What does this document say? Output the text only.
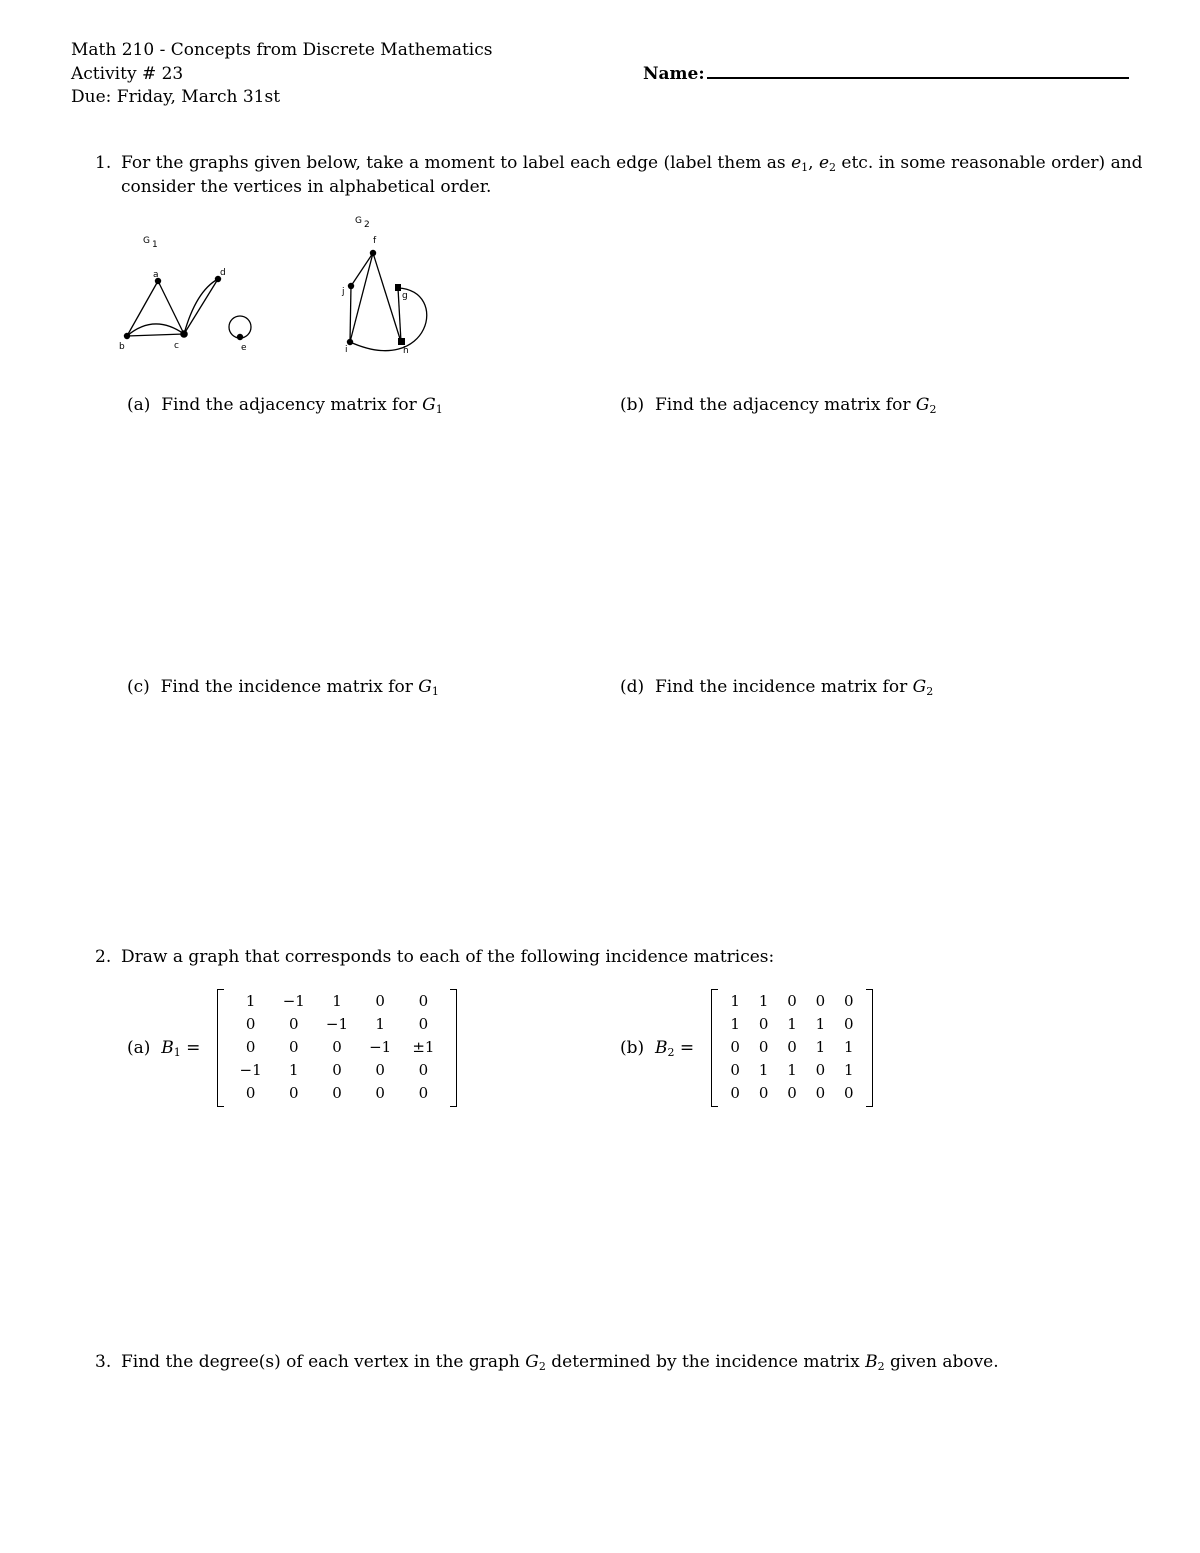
Math 210 - Concepts from Discrete Mathematics
Activity # 23
Due: Friday, March 31st
Name:
1. For the graphs given below, take a moment to label each edge (label them as $e_1$, $e_2$ etc. in some reasonable order) and
consider the vertices in alphabetical order.
G 1
a
b	c
d
e
G 2
f
g
h
i
j
(a) Find the adjacency matrix for $G_1$	(b) Find the adjacency matrix for $G_2$
(c) Find the incidence matrix for $G_1$	(d) Find the incidence matrix for $G_2$
2. Draw a graph that corresponds to each of the following incidence matrices:
(a) $B_1$ =
1	−1	1	0	0
0	0	−1	1	0
0	0	0	−1	±1
−1	1	0	0	0
0	0	0	0	0
(b) $B_2$ =
1	1	0	0	0
1	0	1	1	0
0	0	0	1	1
0	1	1	0	1
0	0	0	0	0
3. Find the degree(s) of each vertex in the graph $G_2$ determined by the incidence matrix $B_2$ given above.
